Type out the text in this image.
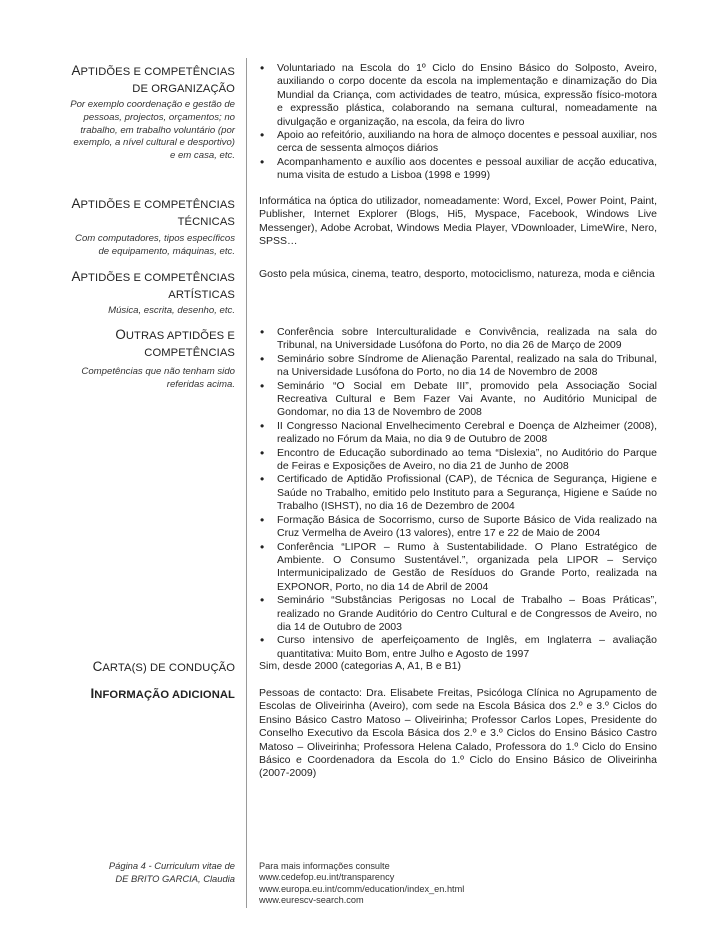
APTIDÕES E COMPETÊNCIAS DE ORGANIZAÇÃO
Por exemplo coordenação e gestão de pessoas, projectos, orçamentos; no trabalho, em trabalho voluntário (por exemplo, a nível cultural e desportivo) e em casa, etc.
• Voluntariado na Escola do 1º Ciclo do Ensino Básico do Solposto, Aveiro, auxiliando o corpo docente da escola na implementação e dinamização do Dia Mundial da Criança, com actividades de teatro, música, expressão físico-motora e expressão plástica, colaborando na semana cultural, nomeadamente na divulgação e organização, na escola, da feira do livro
• Apoio ao refeitório, auxiliando na hora de almoço docentes e pessoal auxiliar, nos cerca de sessenta almoços diários
• Acompanhamento e auxílio aos docentes e pessoal auxiliar de acção educativa, numa visita de estudo a Lisboa (1998 e 1999)
APTIDÕES E COMPETÊNCIAS TÉCNICAS
Com computadores, tipos específicos de equipamento, máquinas, etc.
Informática na óptica do utilizador, nomeadamente: Word, Excel, Power Point, Paint, Publisher, Internet Explorer (Blogs, Hi5, Myspace, Facebook, Windows Live Messenger), Adobe Acrobat, Windows Media Player, VDownloader, LimeWire, Nero, SPSS…
APTIDÕES E COMPETÊNCIAS ARTÍSTICAS
Música, escrita, desenho, etc.
Gosto pela música, cinema, teatro, desporto, motociclismo, natureza, moda e ciência
OUTRAS APTIDÕES E COMPETÊNCIAS
Competências que não tenham sido referidas acima.
• Conferência sobre Interculturalidade e Convivência, realizada na sala do Tribunal, na Universidade Lusófona do Porto, no dia 26 de Março de 2009
• Seminário sobre Síndrome de Alienação Parental, realizado na sala do Tribunal, na Universidade Lusófona do Porto, no dia 14 de Novembro de 2008
• Seminário “O Social em Debate III”, promovido pela Associação Social Recreativa Cultural e Bem Fazer Vai Avante, no Auditório Municipal de Gondomar, no dia 13 de Novembro de 2008
• II Congresso Nacional Envelhecimento Cerebral e Doença de Alzheimer (2008), realizado no Fórum da Maia, no dia 9 de Outubro de 2008
• Encontro de Educação subordinado ao tema “Dislexia”, no Auditório do Parque de Feiras e Exposições de Aveiro, no dia 21 de Junho de 2008
• Certificado de Aptidão Profissional (CAP), de Técnica de Segurança, Higiene e Saúde no Trabalho, emitido pelo Instituto para a Segurança, Higiene e Saúde no Trabalho (ISHST), no dia 16 de Dezembro de 2004
• Formação Básica de Socorrismo, curso de Suporte Básico de Vida realizado na Cruz Vermelha de Aveiro (13 valores), entre 17 e 22 de Maio de 2004
• Conferência “LIPOR – Rumo à Sustentabilidade. O Plano Estratégico de Ambiente. O Consumo Sustentável.”, organizada pela LIPOR – Serviço Intermunicipalizado de Gestão de Resíduos do Grande Porto, realizada na EXPONOR, Porto, no dia 14 de Abril de 2004
• Seminário “Substâncias Perigosas no Local de Trabalho – Boas Práticas”, realizado no Grande Auditório do Centro Cultural e de Congressos de Aveiro, no dia 14 de Outubro de 2003
• Curso intensivo de aperfeiçoamento de Inglês, em Inglaterra – avaliação quantitativa: Muito Bom, entre Julho e Agosto de 1997
CARTA(S) DE CONDUÇÃO Sim, desde 2000 (categorias A, A1, B e B1)
INFORMAÇÃO ADICIONAL Pessoas de contacto: Dra. Elisabete Freitas, Psicóloga Clínica no Agrupamento de Escolas de Oliveirinha (Aveiro), com sede na Escola Básica dos 2.º e 3.º Ciclos do Ensino Básico Castro Matoso – Oliveirinha; Professor Carlos Lopes, Presidente do Conselho Executivo da Escola Básica dos 2.º e 3.º Ciclos do Ensino Básico Castro Matoso – Oliveirinha; Professora Helena Calado, Professora do 1.º Ciclo do Ensino Básico e Coordenadora da Escola do 1.º Ciclo do Ensino Básico de Oliveirinha (2007-2009)
Página 4 - Curriculum vitae de
DE BRITO GARCIA, Claudia
Para mais informações consulte
www.cedefop.eu.int/transparency
www.europa.eu.int/comm/education/index_en.html
www.eurescv-search.com
